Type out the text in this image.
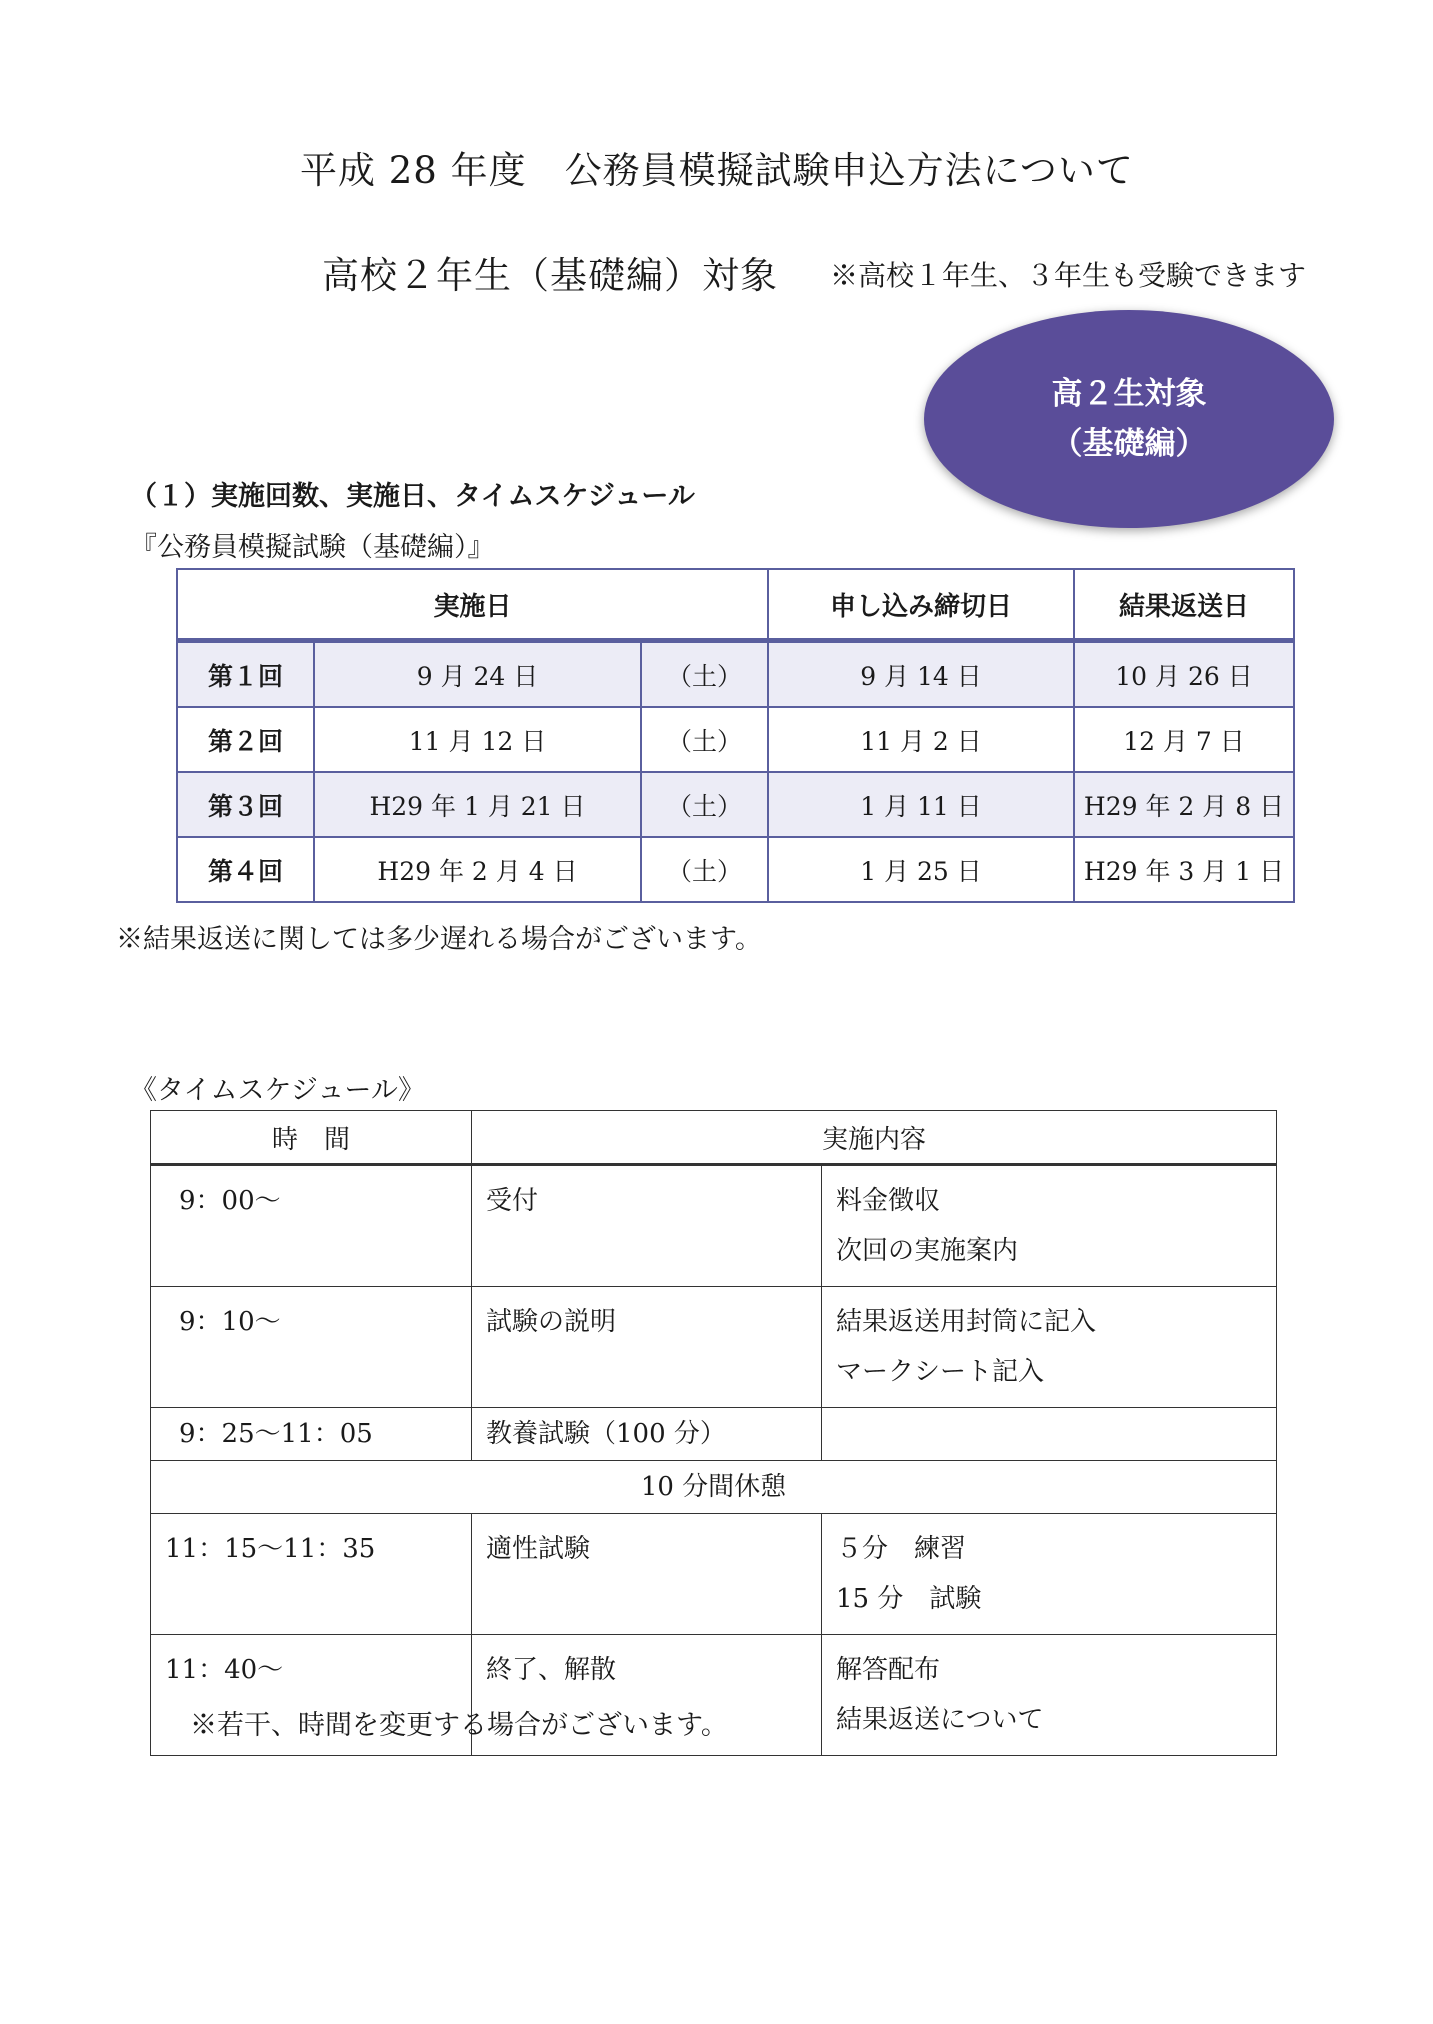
平成 28 年度　公務員模擬試験申込方法について
高校２年生（基礎編）対象 ※高校１年生、３年生も受験できます
高２生対象
（基礎編）
（１）実施回数、実施日、タイムスケジュール
『公務員模擬試験（基礎編）』
実施日			申し込み締切日	結果返送日
第１回	9 月 24 日	（土）	9 月 14 日	10 月 26 日
第２回	11 月 12 日	（土）	11 月 2 日	12 月 7 日
第３回	H29 年 1 月 21 日	（土）	1 月 11 日	H29 年 2 月 8 日
第４回	H29 年 2 月 4 日	（土）	1 月 25 日	H29 年 3 月 1 日
※結果返送に関しては多少遅れる場合がございます。
《タイムスケジュール》
時　間	実施内容	
9：00～	受付	料金徴収
次回の実施案内

9：10～	試験の説明	結果返送用封筒に記入
マークシート記入

9：25～11：05	教養試験（100 分）	
10 分間休憩		
11：15～11：35	適性試験	５分　練習
15 分　試験

11：40～	終了、解散	解答配布
結果返送について
※若干、時間を変更する場合がございます。
